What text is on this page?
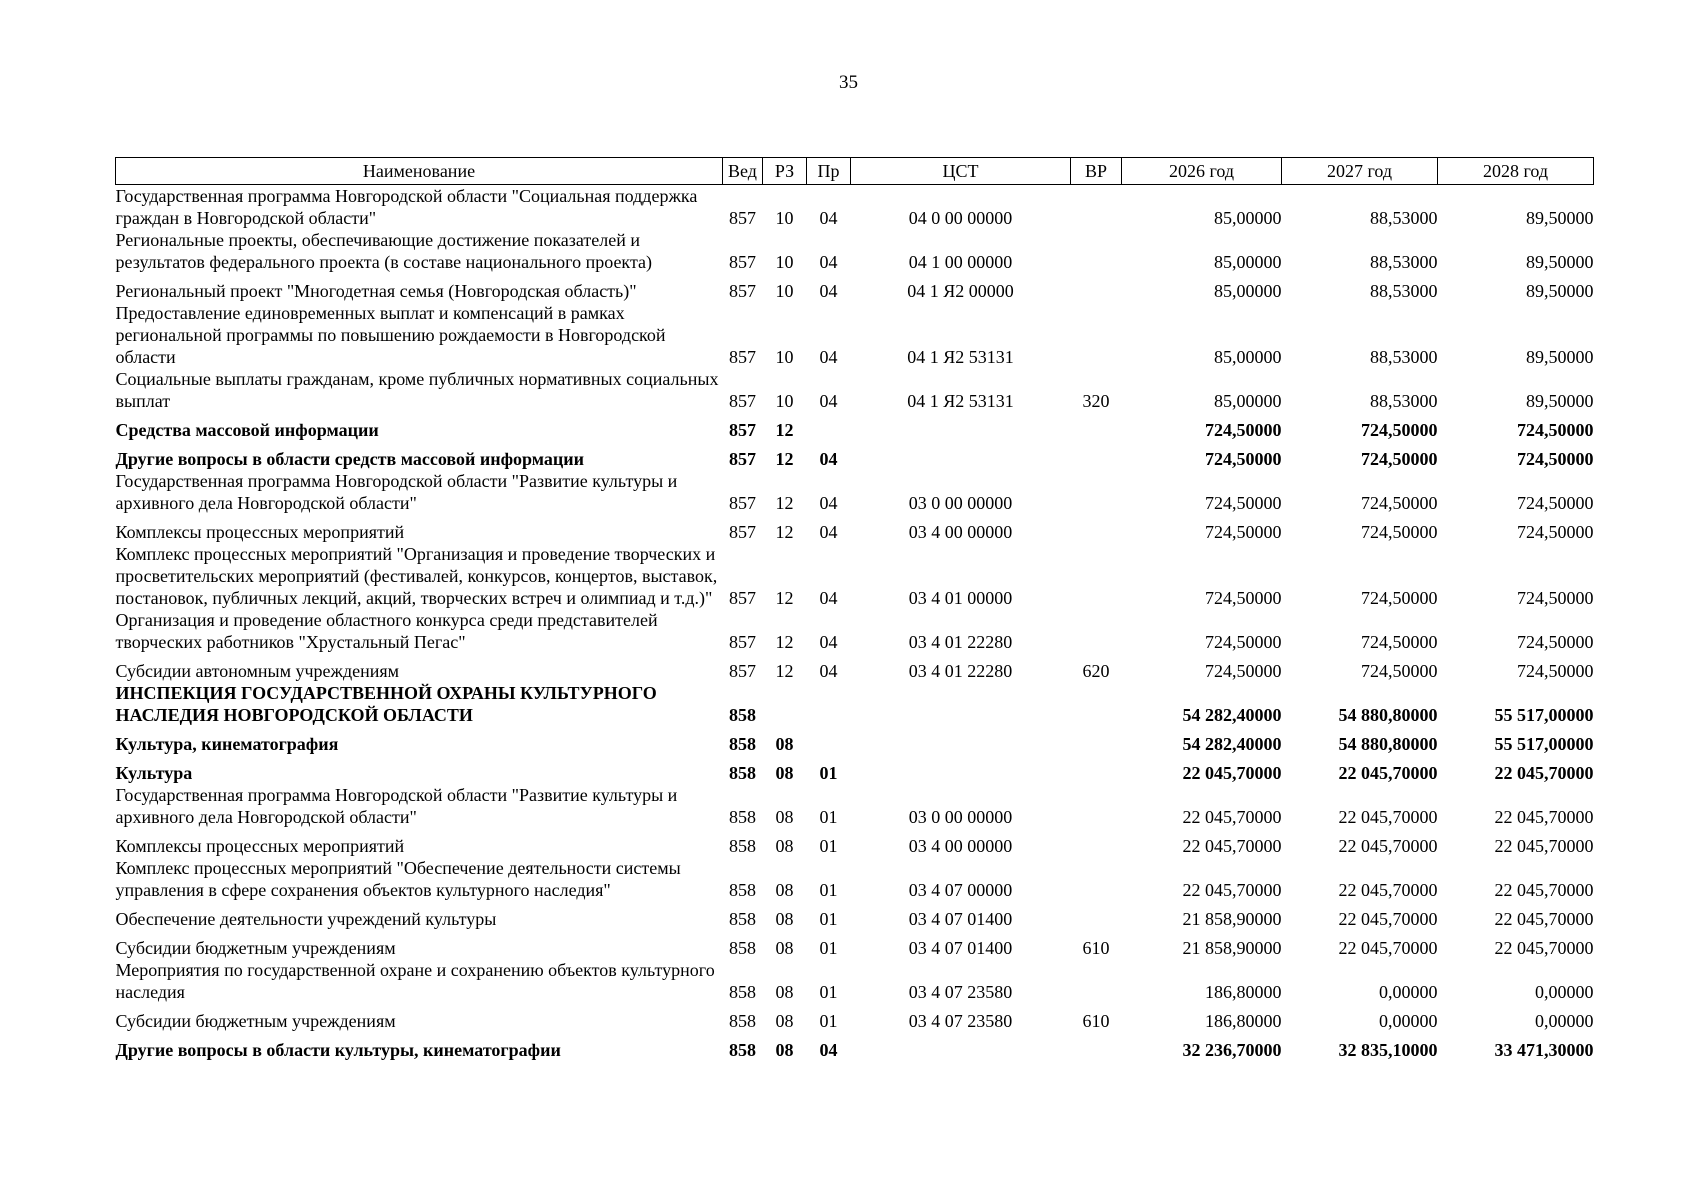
35
Наименование	Вед	РЗ	Пр	ЦСТ	ВР	2026 год	2027 год	2028 год
Государственная программа Новгородской области "Социальная поддержка граждан в Новгородской области"	857	10	04	04 0 00 00000		85,00000	88,53000	89,50000
Региональные проекты, обеспечивающие достижение показателей и результатов федерального проекта (в составе национального проекта)	857	10	04	04 1 00 00000		85,00000	88,53000	89,50000
Региональный проект "Многодетная семья (Новгородская область)"	857	10	04	04 1 Я2 00000		85,00000	88,53000	89,50000
Предоставление единовременных выплат и компенсаций в рамках региональной программы по повышению рождаемости в Новгородской области	857	10	04	04 1 Я2 53131		85,00000	88,53000	89,50000
Социальные выплаты гражданам, кроме публичных нормативных социальных выплат	857	10	04	04 1 Я2 53131	320	85,00000	88,53000	89,50000
Средства массовой информации	857	12				724,50000	724,50000	724,50000
Другие вопросы в области средств массовой информации	857	12	04			724,50000	724,50000	724,50000
Государственная программа Новгородской области "Развитие культуры и архивного дела Новгородской области"	857	12	04	03 0 00 00000		724,50000	724,50000	724,50000
Комплексы процессных мероприятий	857	12	04	03 4 00 00000		724,50000	724,50000	724,50000
Комплекс процессных мероприятий "Организация и проведение творческих и просветительских мероприятий (фестивалей, конкурсов, концертов, выставок, постановок, публичных лекций, акций, творческих встреч и олимпиад и т.д.)"	857	12	04	03 4 01 00000		724,50000	724,50000	724,50000
Организация и проведение областного конкурса среди представителей творческих работников "Хрустальный Пегас"	857	12	04	03 4 01 22280		724,50000	724,50000	724,50000
Субсидии автономным учреждениям	857	12	04	03 4 01 22280	620	724,50000	724,50000	724,50000
ИНСПЕКЦИЯ ГОСУДАРСТВЕННОЙ ОХРАНЫ КУЛЬТУРНОГО НАСЛЕДИЯ НОВГОРОДСКОЙ ОБЛАСТИ	858					54 282,40000	54 880,80000	55 517,00000
Культура, кинематография	858	08				54 282,40000	54 880,80000	55 517,00000
Культура	858	08	01			22 045,70000	22 045,70000	22 045,70000
Государственная программа Новгородской области "Развитие культуры и архивного дела Новгородской области"	858	08	01	03 0 00 00000		22 045,70000	22 045,70000	22 045,70000
Комплексы процессных мероприятий	858	08	01	03 4 00 00000		22 045,70000	22 045,70000	22 045,70000
Комплекс процессных мероприятий "Обеспечение деятельности системы управления в сфере сохранения объектов культурного наследия"	858	08	01	03 4 07 00000		22 045,70000	22 045,70000	22 045,70000
Обеспечение деятельности учреждений культуры	858	08	01	03 4 07 01400		21 858,90000	22 045,70000	22 045,70000
Субсидии бюджетным учреждениям	858	08	01	03 4 07 01400	610	21 858,90000	22 045,70000	22 045,70000
Мероприятия по государственной охране и сохранению объектов культурного наследия	858	08	01	03 4 07 23580		186,80000	0,00000	0,00000
Субсидии бюджетным учреждениям	858	08	01	03 4 07 23580	610	186,80000	0,00000	0,00000
Другие вопросы в области культуры, кинематографии	858	08	04			32 236,70000	32 835,10000	33 471,30000
